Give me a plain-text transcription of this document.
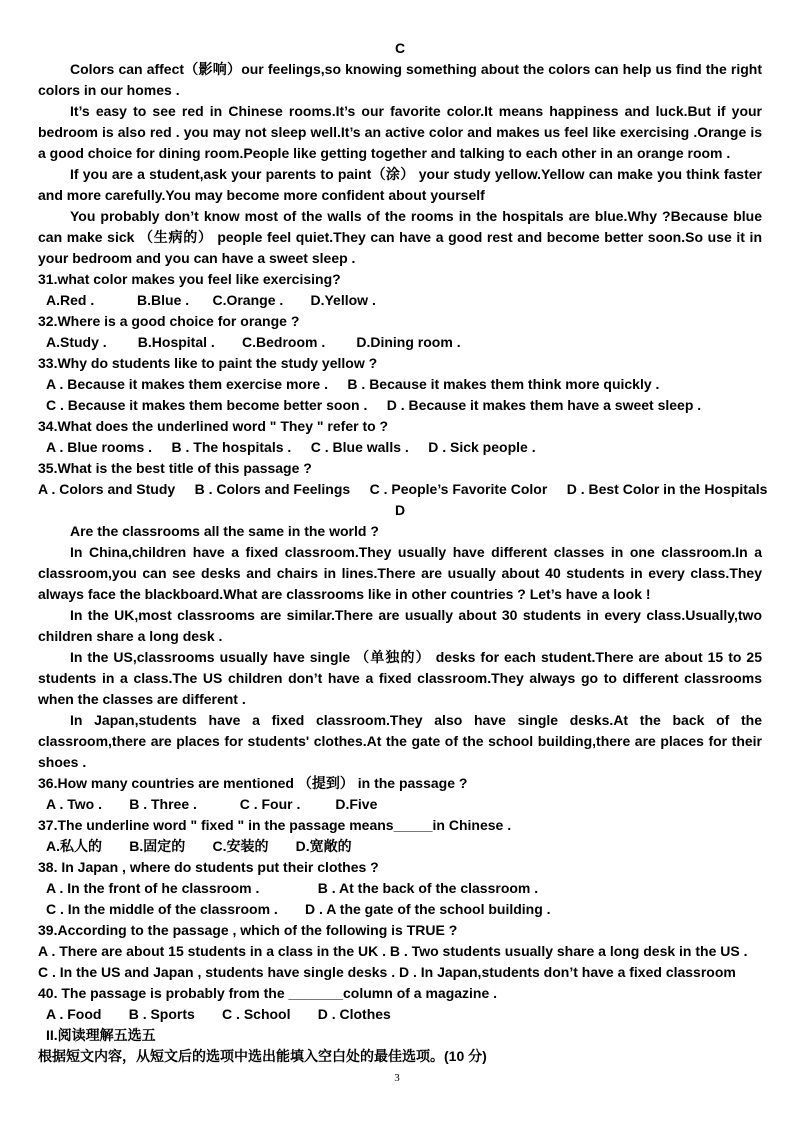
C

Colors can affect（影响）our feelings,so knowing something about the colors can help us find the right colors in our homes .

It’s easy to see red in Chinese rooms.It’s our favorite color.It means happiness and luck.But if your bedroom is also red . you may not sleep well.It’s an active color and makes us feel like exercising .Orange is a good choice for dining room.People like getting together and talking to each other in an orange room .

If you are a student,ask your parents to paint（涂） your study yellow.Yellow can make you think faster and more carefully.You may become more confident about yourself

You probably don’t know most of the walls of the rooms in the hospitals are blue.Why ?Because blue can make sick （生病的） people feel quiet.They can have a good rest and become better soon.So use it in your bedroom and you can have a sweet sleep .

31.what color makes you feel like exercising?

A.Red .           B.Blue .      C.Orange .       D.Yellow .

32.Where is a good choice for orange ?

A.Study .        B.Hospital .       C.Bedroom .        D.Dining room .

33.Why do students like to paint the study yellow ?

A . Because it makes them exercise more .     B . Because it makes them think more quickly .

C . Because it makes them become better soon .     D . Because it makes them have a sweet sleep .

34.What does the underlined word " They " refer to ?

A . Blue rooms .     B . The hospitals .     C . Blue walls .     D . Sick people .

35.What is the best title of this passage ?

A . Colors and Study     B . Colors and Feelings     C . People’s Favorite Color     D . Best Color in the Hospitals

D

Are the classrooms all the same in the world ?

In China,children have a fixed classroom.They usually have different classes in one classroom.In a classroom,you can see desks and chairs in lines.There are usually about 40 students in every class.They always face the blackboard.What are classrooms like in other countries ? Let’s have a look !

In the UK,most classrooms are similar.There are usually about 30 students in every class.Usually,two children share a long desk .

In the US,classrooms usually have single （单独的） desks for each student.There are about 15 to 25 students in a class.The US children don’t have a fixed classroom.They always go to different classrooms when the classes are different .

In Japan,students have a fixed classroom.They also have single desks.At the back of the classroom,there are places for students' clothes.At the gate of the school building,there are places for their shoes .

36.How many countries are mentioned （提到） in the passage ?

A . Two .       B . Three .           C . Four .         D.Five

37.The underline word " fixed " in the passage means_____in Chinese .

A.私人的       B.固定的       C.安装的       D.宽敞的

38. In Japan , where do students put their clothes ?

A . In the front of he classroom .               B . At the back of the classroom .

C . In the middle of the classroom .       D . A the gate of the school building .

39.According to the passage , which of the following is TRUE ?

A . There are about 15 students in a class in the UK . B . Two students usually share a long desk in the US .

C . In the US and Japan , students have single desks . D . In Japan,students don’t have a fixed classroom

40. The passage is probably from the _______column of a magazine .

A . Food       B . Sports       C . School       D . Clothes

II.阅读理解五选五

根据短文内容，从短文后的选项中选出能填入空白处的最佳选项。(10 分)

3
